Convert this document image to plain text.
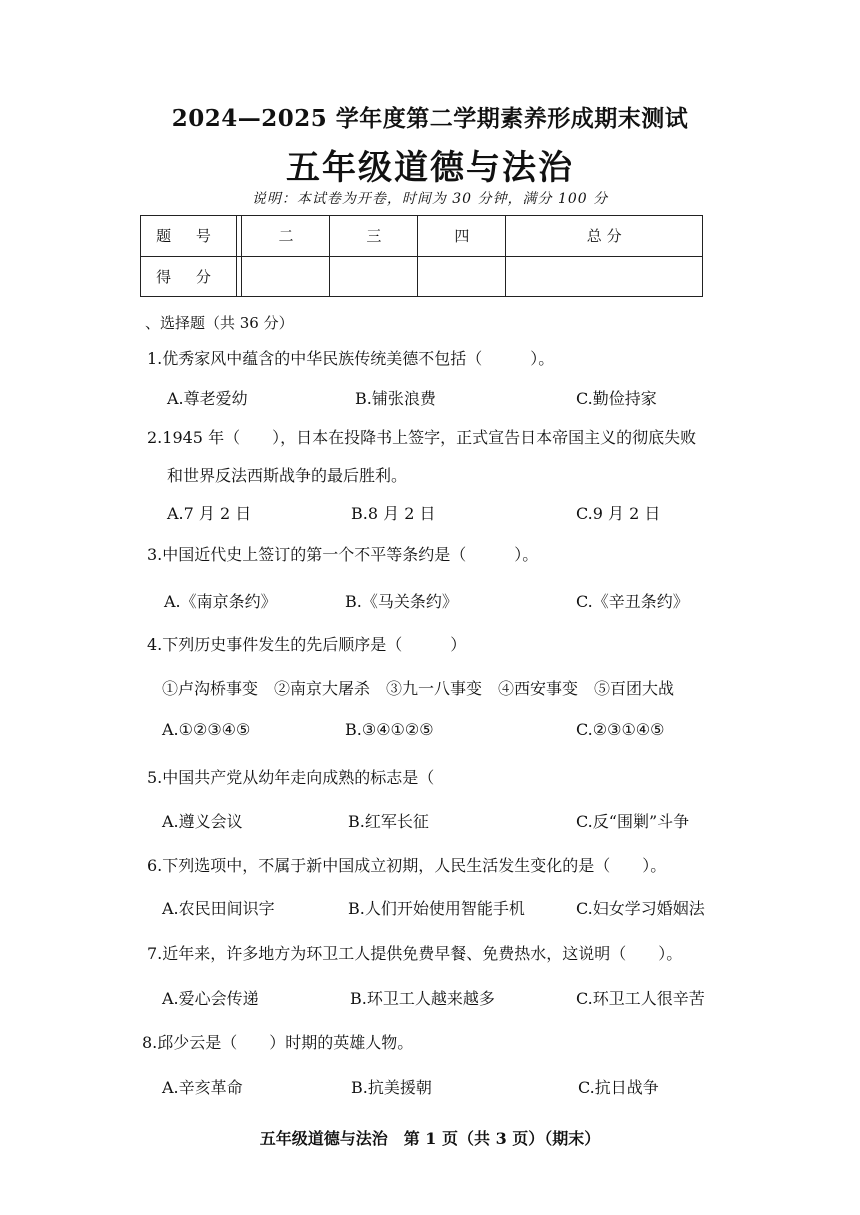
2024—2025 学年度第二学期素养形成期末测试
五年级道德与法治
说明：本试卷为开卷，时间为 30 分钟，满分 100 分
题 号		二	三	四	总 分
得 分					
、选择题（共 36 分）
1.优秀家风中蕴含的中华民族传统美德不包括（　　　）。
A.尊老爱幼	B.铺张浪费	C.勤俭持家
2.1945 年（　　），日本在投降书上签字，正式宣告日本帝国主义的彻底失败
和世界反法西斯战争的最后胜利。
A.7 月 2 日	B.8 月 2 日	C.9 月 2 日
3.中国近代史上签订的第一个不平等条约是（　　　）。
A.《南京条约》	B.《马关条约》	C.《辛丑条约》
4.下列历史事件发生的先后顺序是（　　　）
①卢沟桥事变　②南京大屠杀　③九一八事变　④西安事变　⑤百团大战
A.①②③④⑤	B.③④①②⑤	C.②③①④⑤
5.中国共产党从幼年走向成熟的标志是（
A.遵义会议	B.红军长征	C.反“围剿”斗争
6.下列选项中，不属于新中国成立初期，人民生活发生变化的是（　　）。
A.农民田间识字	B.人们开始使用智能手机	C.妇女学习婚姻法
7.近年来，许多地方为环卫工人提供免费早餐、免费热水，这说明（　　）。
A.爱心会传递	B.环卫工人越来越多	C.环卫工人很辛苦
8.邱少云是（　　）时期的英雄人物。
A.辛亥革命	B.抗美援朝	C.抗日战争
五年级道德与法治　第 1 页（共 3 页）（期末）
